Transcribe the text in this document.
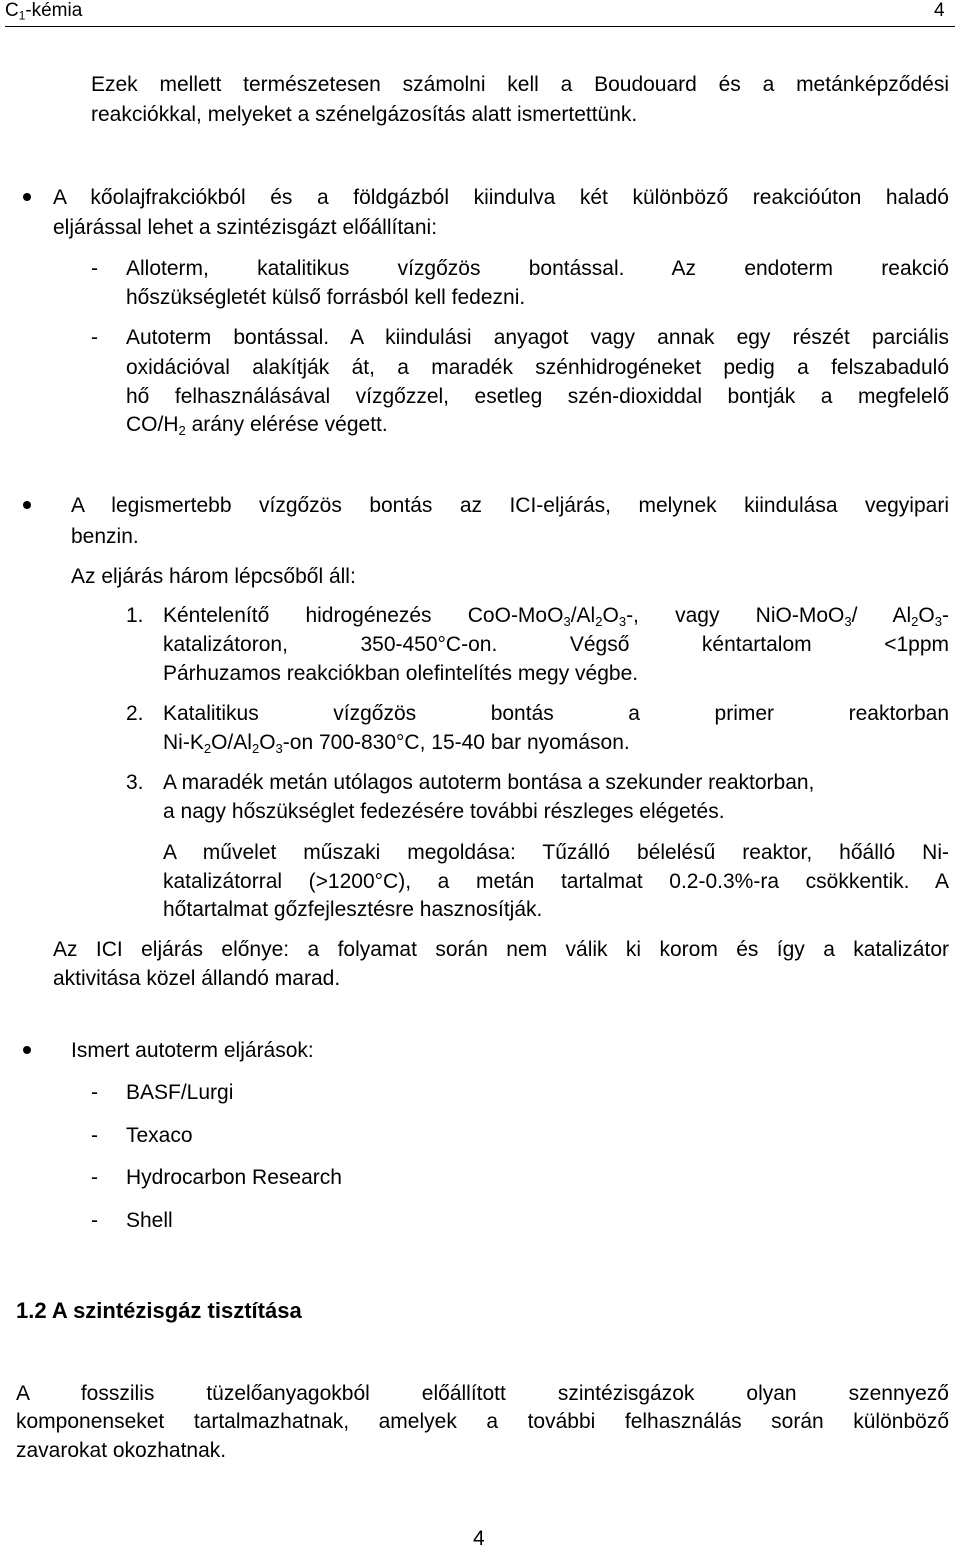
$C_1$-kémia	4
Ezek mellett természetesen számolni kell a Boudouard és a metánképződési
reakciókkal, melyeket a szénelgázosítás alatt ismertettünk.
A kőolajfrakciókból és a földgázból kiindulva két különböző reakcióúton haladó
eljárással lehet a szintézisgázt előállítani:
- Alloterm, katalitikus vízgőzös bontással. Az endoterm reakció
hőszükségletét külső forrásból kell fedezni.
- Autoterm bontással. A kiindulási anyagot vagy annak egy részét parciális
oxidációval alakítják át, a maradék szénhidrogéneket pedig a felszabaduló
hő felhasználásával vízgőzzel, esetleg szén-dioxiddal bontják a megfelelő
$CO/H_2$ arány elérése végett.
A legismertebb vízgőzös bontás az ICI-eljárás, melynek kiindulása vegyipari
benzin.
Az eljárás három lépcsőből áll:
1. Kéntelenítő hidrogénezés CoO-$MoO_3/Al_2O_3-$, vagy NiO-MoO$_3$/ $Al_2O_3-$
katalizátoron, 350-450°C-on. Végső kéntartalom <1ppm
Párhuzamos reakciókban olefintelítés megy végbe.
2. Katalitikus vízgőzös bontás a primer reaktorban
$Ni-K_2O/Al_2O_3-on$ 700-830°C, 15-40 bar nyomáson.
3. A maradék metán utólagos autoterm bontása a szekunder reaktorban,
a nagy hőszükséglet fedezésére további részleges elégetés.
A művelet műszaki megoldása: Tűzálló bélelésű reaktor, hőálló Ni-
katalizátorral (>1200°C), a metán tartalmat 0.2-0.3%-ra csökkentik. A
hőtartalmat gőzfejlesztésre hasznosítják.
Az ICI eljárás előnye: a folyamat során nem válik ki korom és így a katalizátor
aktivitása közel állandó marad.
Ismert autoterm eljárások:
- BASF/Lurgi
- Texaco
- Hydrocarbon Research
- Shell
1.2 A szintézisgáz tisztítása
A fosszilis tüzelőanyagokból előállított szintézisgázok olyan szennyező
komponenseket tartalmazhatnak, amelyek a további felhasználás során különböző
zavarokat okozhatnak.
4
